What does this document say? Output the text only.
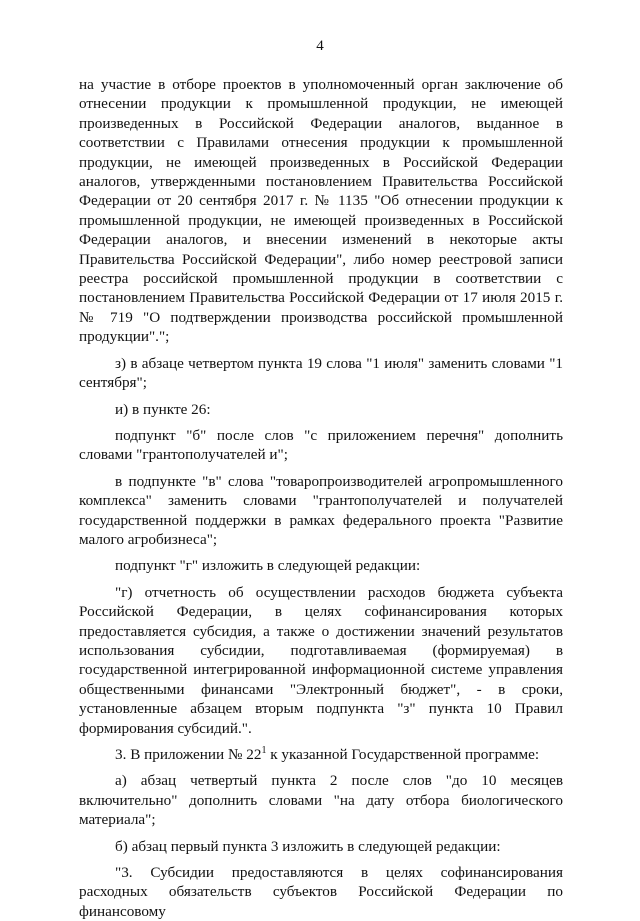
4

на участие в отборе проектов в уполномоченный орган заключение об отнесении продукции к промышленной продукции, не имеющей произведенных в Российской Федерации аналогов, выданное в соответствии с Правилами отнесения продукции к промышленной продукции, не имеющей произведенных в Российской Федерации аналогов, утвержденными постановлением Правительства Российской Федерации от 20 сентября 2017 г. № 1135 "Об отнесении продукции к промышленной продукции, не имеющей произведенных в Российской Федерации аналогов, и внесении изменений в некоторые акты Правительства Российской Федерации", либо номер реестровой записи реестра российской промышленной продукции в соответствии с постановлением Правительства Российской Федерации от 17 июля 2015 г. № 719 "О подтверждении производства российской промышленной продукции".";

з) в абзаце четвертом пункта 19 слова "1 июля" заменить словами "1 сентября";

и) в пункте 26:

подпункт "б" после слов "с приложением перечня" дополнить словами "грантополучателей и";

в подпункте "в" слова "товаропроизводителей агропромышленного комплекса" заменить словами "грантополучателей и получателей государственной поддержки в рамках федерального проекта "Развитие малого агробизнеса";

подпункт "г" изложить в следующей редакции:

"г) отчетность об осуществлении расходов бюджета субъекта Российской Федерации, в целях софинансирования которых предоставляется субсидия, а также о достижении значений результатов использования субсидии, подготавливаемая (формируемая) в государственной интегрированной информационной системе управления общественными финансами "Электронный бюджет", - в сроки, установленные абзацем вторым подпункта "з" пункта 10 Правил формирования субсидий.".

3. В приложении № $22^1$ к указанной Государственной программе:

а) абзац четвертый пункта 2 после слов "до 10 месяцев включительно" дополнить словами "на дату отбора биологического материала";

б) абзац первый пункта 3 изложить в следующей редакции:

"3. Субсидии предоставляются в целях софинансирования расходных обязательств субъектов Российской Федерации по финансовому
